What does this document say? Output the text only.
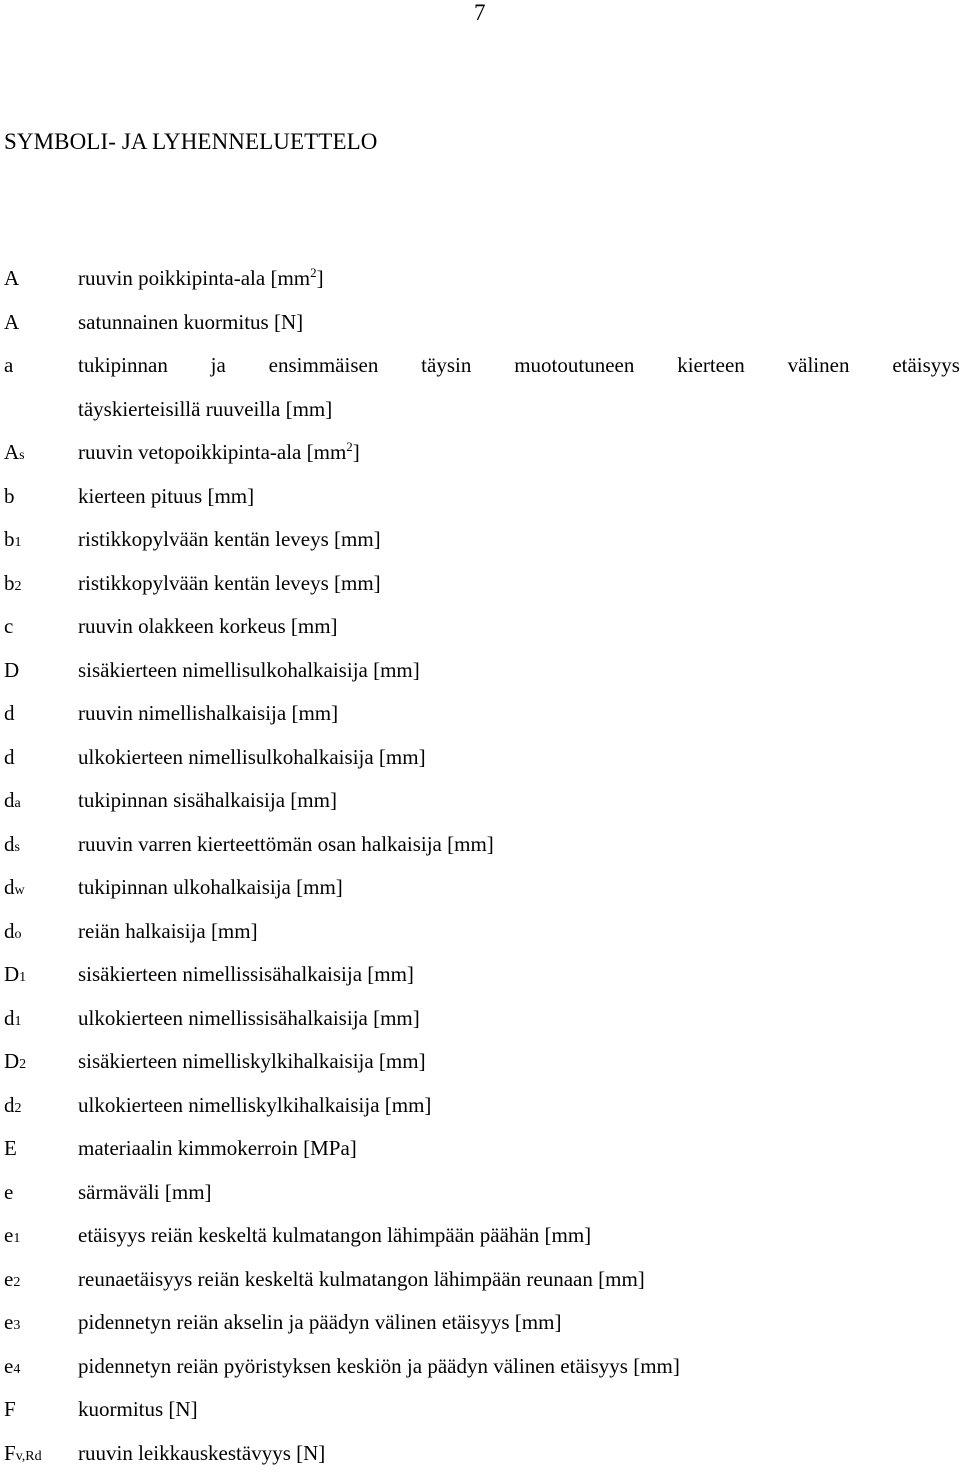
7
SYMBOLI- JA LYHENNELUETTELO
A	ruuvin poikkipinta-ala $[mm^2]$
A	satunnainen kuormitus [N]
a	tukipinnan ja ensimmäisen täysin muotoutuneen kierteen välinen etäisyys
täyskierteisillä ruuveilla [mm]
As	ruuvin vetopoikkipinta-ala $[mm^2]$
b	kierteen pituus [mm]
b1	ristikkopylvään kentän leveys [mm]
b2	ristikkopylvään kentän leveys [mm]
c	ruuvin olakkeen korkeus [mm]
D	sisäkierteen nimellisulkohalkaisija [mm]
d	ruuvin nimellishalkaisija [mm]
d	ulkokierteen nimellisulkohalkaisija [mm]
da	tukipinnan sisähalkaisija [mm]
ds	ruuvin varren kierteettömän osan halkaisija [mm]
dw	tukipinnan ulkohalkaisija [mm]
do	reiän halkaisija [mm]
D1	sisäkierteen nimellissisähalkaisija [mm]
d1	ulkokierteen nimellissisähalkaisija [mm]
D2	sisäkierteen nimelliskylkihalkaisija [mm]
d2	ulkokierteen nimelliskylkihalkaisija [mm]
E	materiaalin kimmokerroin [MPa]
e	särmäväli [mm]
e1	etäisyys reiän keskeltä kulmatangon lähimpään päähän [mm]
e2	reunaetäisyys reiän keskeltä kulmatangon lähimpään reunaan [mm]
e3	pidennetyn reiän akselin ja päädyn välinen etäisyys [mm]
e4	pidennetyn reiän pyöristyksen keskiön ja päädyn välinen etäisyys [mm]
F	kuormitus [N]
Fv,Rd	ruuvin leikkauskestävyys [N]
